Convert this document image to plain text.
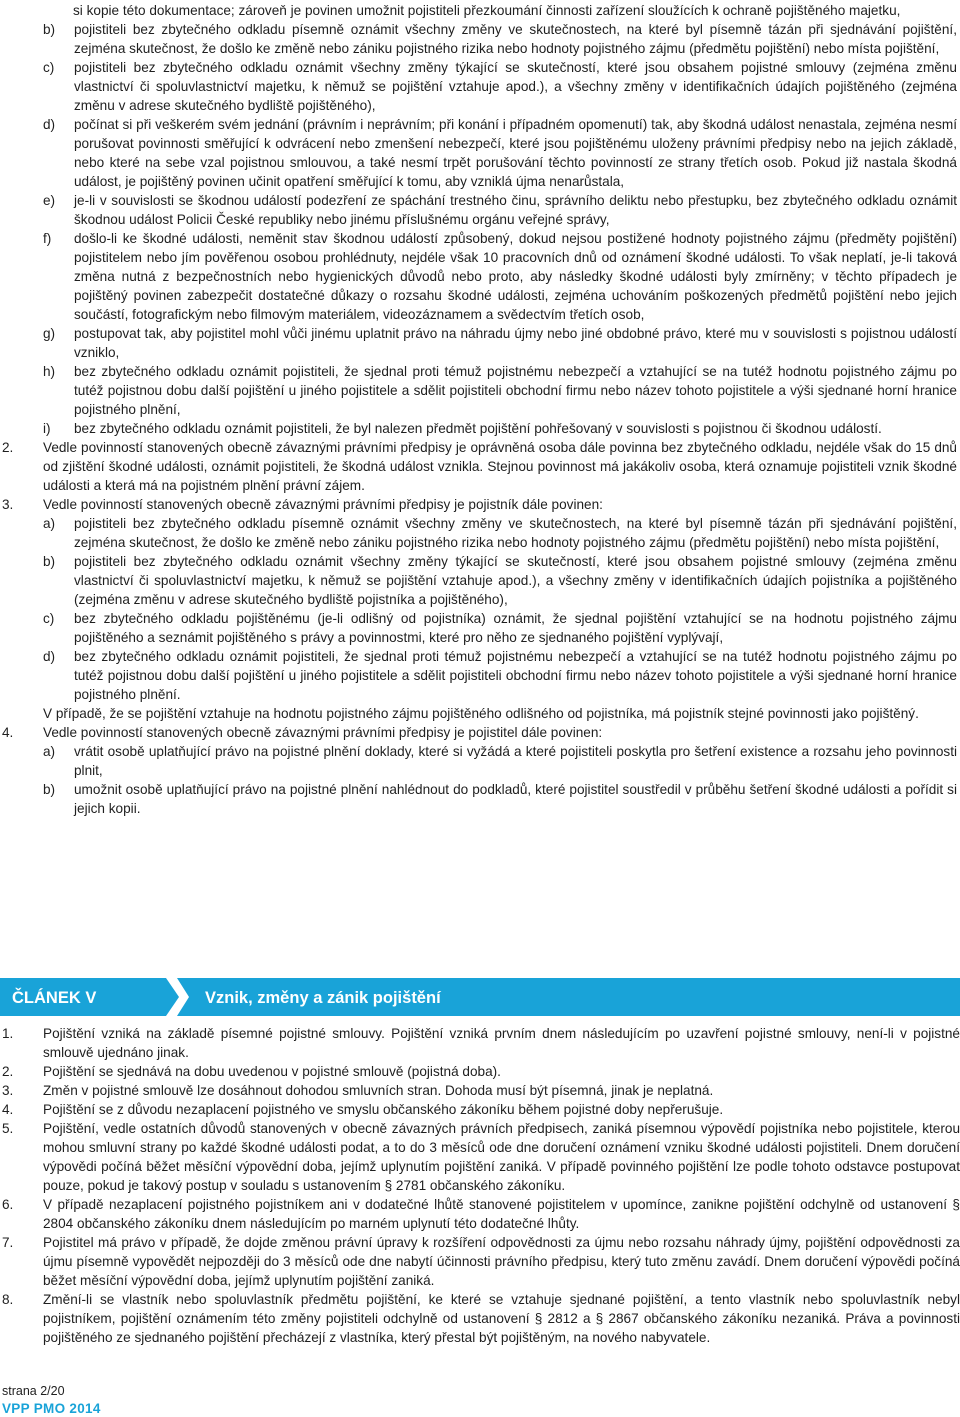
si kopie této dokumentace; zároveň je povinen umožnit pojistiteli přezkoumání činnosti zařízení sloužících k ochraně pojištěného majetku,
b)	pojistiteli bez zbytečného odkladu písemně oznámit všechny změny ve skutečnostech, na které byl písemně tázán při sjednávání pojištění, zejména skutečnost, že došlo ke změně nebo zániku pojistného rizika nebo hodnoty pojistného zájmu (předmětu pojištění) nebo místa pojištění,
c)	pojistiteli bez zbytečného odkladu oznámit všechny změny týkající se skutečností, které jsou obsahem pojistné smlouvy (zejména změnu vlastnictví či spoluvlastnictví majetku, k němuž se pojištění vztahuje apod.), a všechny změny v identifikačních údajích pojištěného (zejména změnu v adrese skutečného bydliště pojištěného),
d)	počínat si při veškerém svém jednání (právním i neprávním; při konání i případném opomenutí) tak, aby škodná událost nenastala, zejména nesmí porušovat povinnosti směřující k odvrácení nebo zmenšení nebezpečí, které jsou pojištěnému uloženy právními předpisy nebo na jejich základě, nebo které na sebe vzal pojistnou smlouvou, a také nesmí trpět porušování těchto povinností ze strany třetích osob. Pokud již nastala škodná událost, je pojištěný povinen učinit opatření směřující k tomu, aby vzniklá újma nenarůstala,
e)	je-li v souvislosti se škodnou událostí podezření ze spáchání trestného činu, správního deliktu nebo přestupku, bez zbytečného odkladu oznámit škodnou událost Policii České republiky nebo jinému příslušnému orgánu veřejné správy,
f)	došlo-li ke škodné události, neměnit stav škodnou událostí způsobený, dokud nejsou postižené hodnoty pojistného zájmu (předměty pojištění) pojistitelem nebo jím pověřenou osobou prohlédnuty, nejdéle však 10 pracovních dnů od oznámení škodné události. To však neplatí, je-li taková změna nutná z bezpečnostních nebo hygienických důvodů nebo proto, aby následky škodné události byly zmírněny; v těchto případech je pojištěný povinen zabezpečit dostatečné důkazy o rozsahu škodné události, zejména uchováním poškozených předmětů pojištění nebo jejich součástí, fotografickým nebo filmovým materiálem, videozáznamem a svědectvím třetích osob,
g)	postupovat tak, aby pojistitel mohl vůči jinému uplatnit právo na náhradu újmy nebo jiné obdobné právo, které mu v souvislosti s pojistnou událostí vzniklo,
h)	bez zbytečného odkladu oznámit pojistiteli, že sjednal proti témuž pojistnému nebezpečí a vztahující se na tutéž hodnotu pojistného zájmu po tutéž pojistnou dobu další pojištění u jiného pojistitele a sdělit pojistiteli obchodní firmu nebo název tohoto pojistitele a výši sjednané horní hranice pojistného plnění,
i)	bez zbytečného odkladu oznámit pojistiteli, že byl nalezen předmět pojištění pohřešovaný v souvislosti s pojistnou či škodnou událostí.
2.	Vedle povinností stanovených obecně závaznými právními předpisy je oprávněná osoba dále povinna bez zbytečného odkladu, nejdéle však do 15 dnů od zjištění škodné události, oznámit pojistiteli, že škodná událost vznikla. Stejnou povinnost má jakákoliv osoba, která oznamuje pojistiteli vznik škodné události a která má na pojistném plnění právní zájem.
3.	Vedle povinností stanovených obecně závaznými právními předpisy je pojistník dále povinen:
a)	pojistiteli bez zbytečného odkladu písemně oznámit všechny změny ve skutečnostech, na které byl písemně tázán při sjednávání pojištění, zejména skutečnost, že došlo ke změně nebo zániku pojistného rizika nebo hodnoty pojistného zájmu (předmětu pojištění) nebo místa pojištění,
b)	pojistiteli bez zbytečného odkladu oznámit všechny změny týkající se skutečností, které jsou obsahem pojistné smlouvy (zejména změnu vlastnictví či spoluvlastnictví majetku, k němuž se pojištění vztahuje apod.), a všechny změny v identifikačních údajích pojistníka a pojištěného (zejména změnu v adrese skutečného bydliště pojistníka a pojištěného),
c)	bez zbytečného odkladu pojištěnému (je-li odlišný od pojistníka) oznámit, že sjednal pojištění vztahující se na hodnotu pojistného zájmu pojištěného a seznámit pojištěného s právy a povinnostmi, které pro něho ze sjednaného pojištění vyplývají,
d)	bez zbytečného odkladu oznámit pojistiteli, že sjednal proti témuž pojistnému nebezpečí a vztahující se na tutéž hodnotu pojistného zájmu po tutéž pojistnou dobu další pojištění u jiného pojistitele a sdělit pojistiteli obchodní firmu nebo název tohoto pojistitele a výši sjednané horní hranice pojistného plnění.
V případě, že se pojištění vztahuje na hodnotu pojistného zájmu pojištěného odlišného od pojistníka, má pojistník stejné povinnosti jako pojištěný.
4.	Vedle povinností stanovených obecně závaznými právními předpisy je pojistitel dále povinen:
a)	vrátit osobě uplatňující právo na pojistné plnění doklady, které si vyžádá a které pojistiteli poskytla pro šetření existence a rozsahu jeho povinnosti plnit,
b)	umožnit osobě uplatňující právo na pojistné plnění nahlédnout do podkladů, které pojistitel soustředil v průběhu šetření škodné události a pořídit si jejich kopii.
ČLÁNEK V	Vznik, změny a zánik pojištění
1.	Pojištění vzniká na základě písemné pojistné smlouvy. Pojištění vzniká prvním dnem následujícím po uzavření pojistné smlouvy, není-li v pojistné smlouvě ujednáno jinak.
2.	Pojištění se sjednává na dobu uvedenou v pojistné smlouvě (pojistná doba).
3.	Změn v pojistné smlouvě lze dosáhnout dohodou smluvních stran. Dohoda musí být písemná, jinak je neplatná.
4.	Pojištění se z důvodu nezaplacení pojistného ve smyslu občanského zákoníku během pojistné doby nepřerušuje.
5.	Pojištění, vedle ostatních důvodů stanovených v obecně závazných právních předpisech, zaniká písemnou výpovědí pojistníka nebo pojistitele, kterou mohou smluvní strany po každé škodné události podat, a to do 3 měsíců ode dne doručení oznámení vzniku škodné události pojistiteli. Dnem doručení výpovědi počíná běžet měsíční výpovědní doba, jejímž uplynutím pojištění zaniká. V případě povinného pojištění lze podle tohoto odstavce postupovat pouze, pokud je takový postup v souladu s ustanovením § 2781 občanského zákoníku.
6.	V případě nezaplacení pojistného pojistníkem ani v dodatečné lhůtě stanovené pojistitelem v upomínce, zanikne pojištění odchylně od ustanovení § 2804 občanského zákoníku dnem následujícím po marném uplynutí této dodatečné lhůty.
7.	Pojistitel má právo v případě, že dojde změnou právní úpravy k rozšíření odpovědnosti za újmu nebo rozsahu náhrady újmy, pojištění odpovědnosti za újmu písemně vypovědět nejpozději do 3 měsíců ode dne nabytí účinnosti právního předpisu, který tuto změnu zavádí. Dnem doručení výpovědi počíná běžet měsíční výpovědní doba, jejímž uplynutím pojištění zaniká.
8.	Změní-li se vlastník nebo spoluvlastník předmětu pojištění, ke které se vztahuje sjednané pojištění, a tento vlastník nebo spoluvlastník nebyl pojistníkem, pojištění oznámením této změny pojistiteli odchylně od ustanovení § 2812 a § 2867 občanského zákoníku nezaniká. Práva a povinnosti pojištěného ze sjednaného pojištění přecházejí z vlastníka, který přestal být pojištěným, na nového nabyvatele.
strana 2/20
VPP PMO 2014
